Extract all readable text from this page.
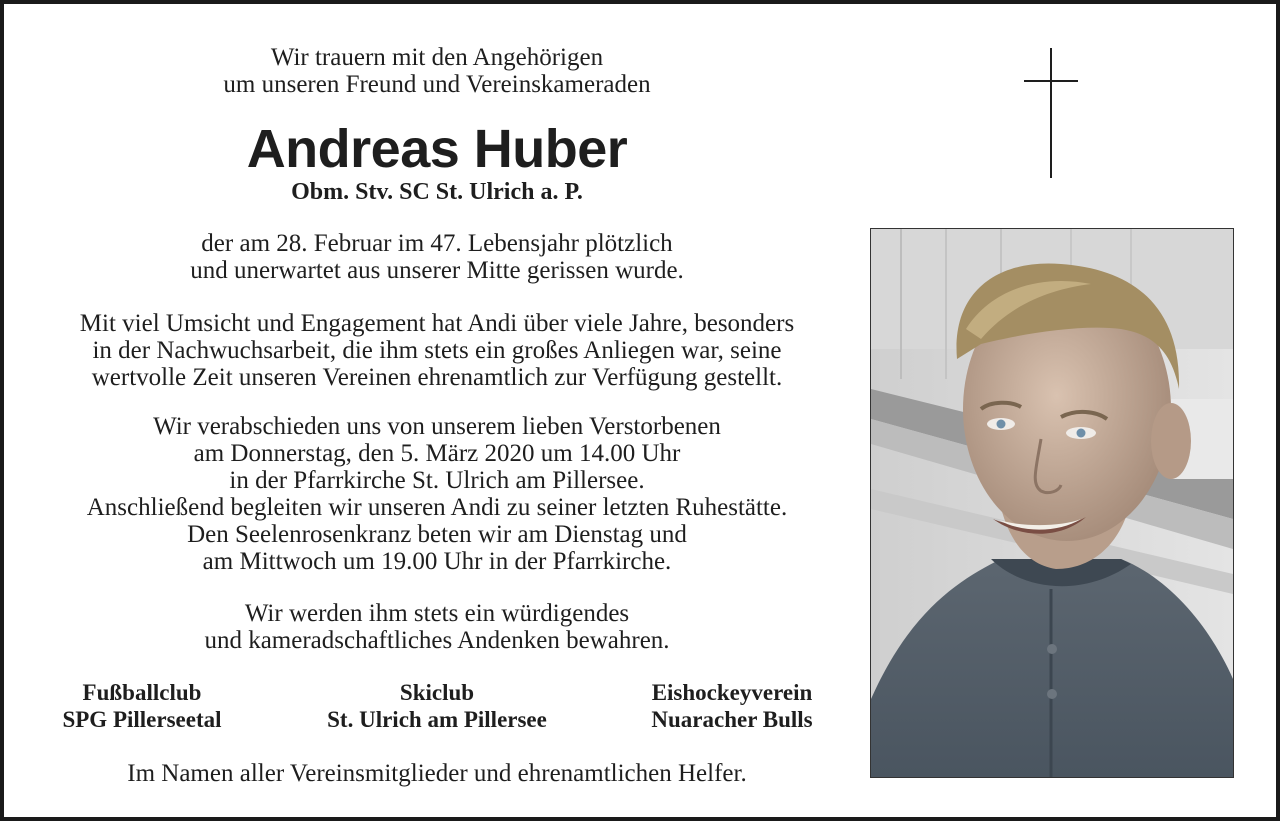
Wir trauern mit den Angehörigen

um unseren Freund und Vereinskameraden

Andreas Huber
Obm. Stv. SC St. Ulrich a. P.

der am 28. Februar im 47. Lebensjahr plötzlich

und unerwartet aus unserer Mitte gerissen wurde.

Mit viel Umsicht und Engagement hat Andi über viele Jahre, besonders

in der Nachwuchsarbeit, die ihm stets ein großes Anliegen war, seine

wertvolle Zeit unseren Vereinen ehrenamtlich zur Verfügung gestellt.

Wir verabschieden uns von unserem lieben Verstorbenen

am Donnerstag, den 5. März 2020 um 14.00 Uhr

in der Pfarrkirche St. Ulrich am Pillersee.

Anschließend begleiten wir unseren Andi zu seiner letzten Ruhestätte.

Den Seelenrosenkranz beten wir am Dienstag und

am Mittwoch um 19.00 Uhr in der Pfarrkirche.

Wir werden ihm stets ein würdigendes

und kameradschaftliches Andenken bewahren.

Fußballclub
SPG Pillerseetal
Skiclub
St. Ulrich am Pillersee
Eishockeyverein
Nuaracher Bulls

Im Namen aller Vereinsmitglieder und ehrenamtlichen Helfer.
